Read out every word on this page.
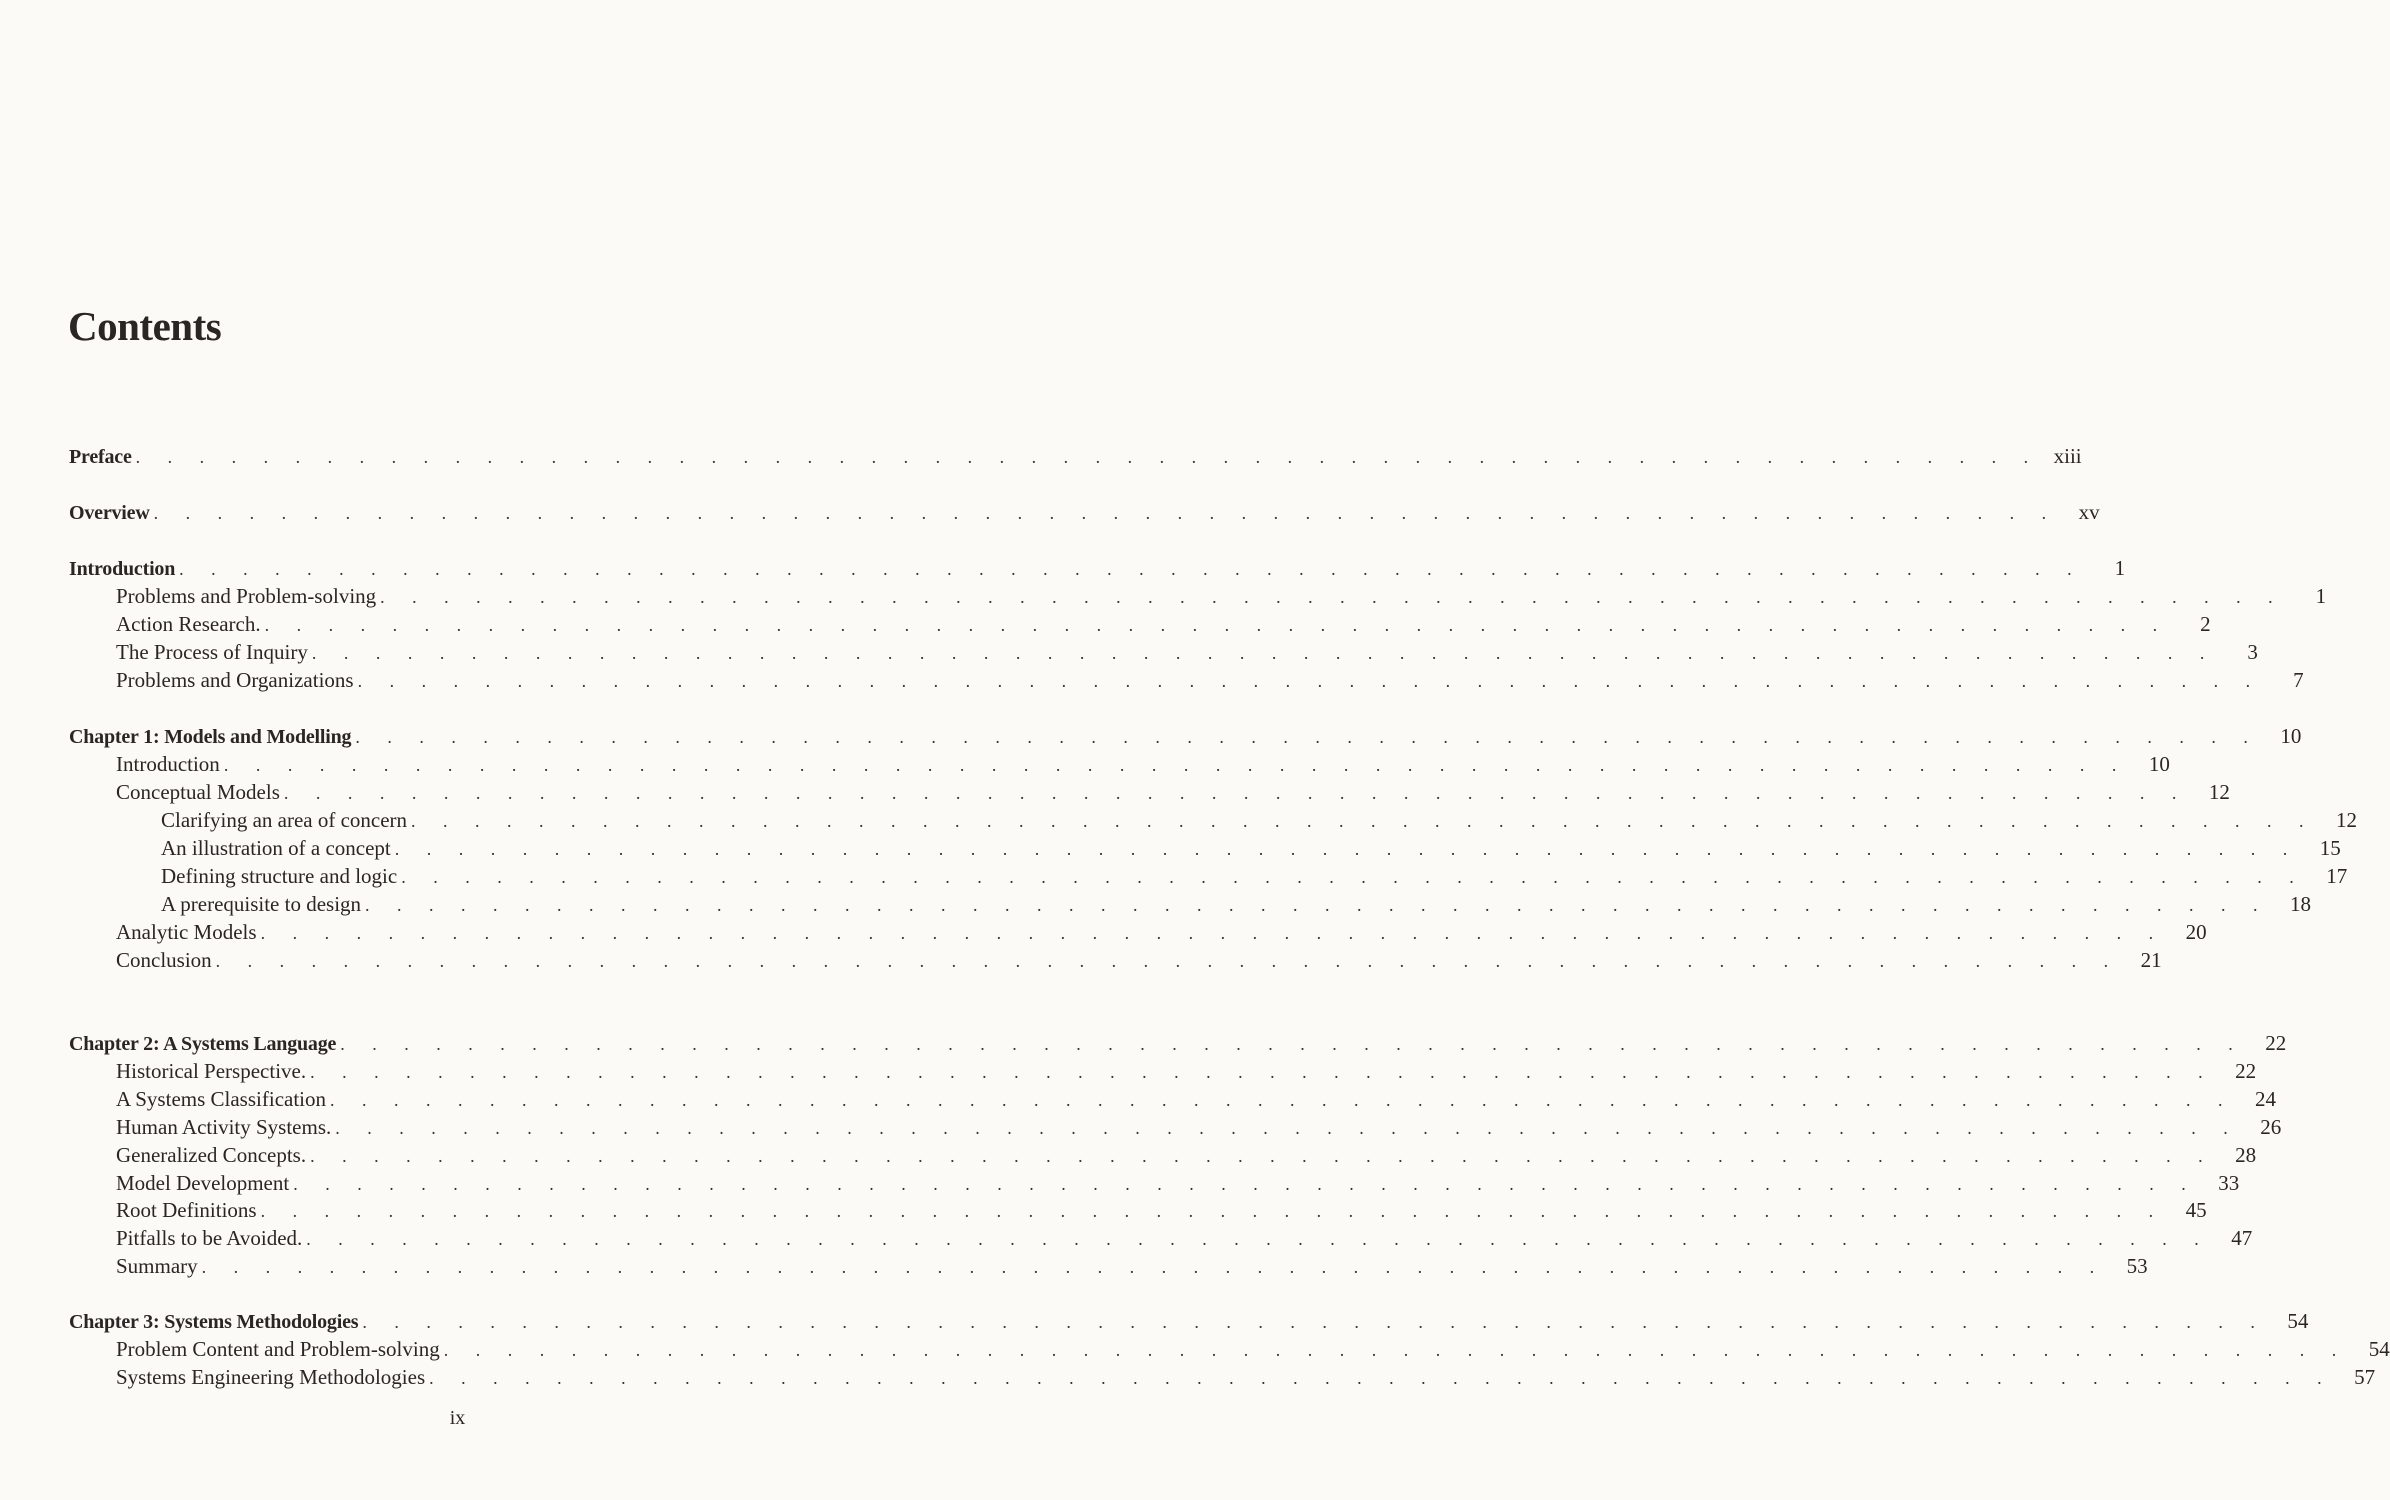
Contents
Preface . . . . . . . . . . . . . . . . . . . . . . . . . . . . . . . . . . . . . . . . . . . . . . . . . . . . . . . . . . . . xiii
Overview . . . . . . . . . . . . . . . . . . . . . . . . . . . . . . . . . . . . . . . . . . . . . . . . . . . . . . . . . . . .	xv
Introduction . . . . . . . . . . . . . . . . . . . . . . . . . . . . . . . . . . . . . . . . . . . . . . . . . . . . . . . . . . . .	1
Problems and Problem-solving . . . . . . . . . . . . . . . . . . . . . . . . . . . . . . . . . . . . . . . . . . . . . . . . . . . . . . . . . . . .	1
Action Research. . . . . . . . . . . . . . . . . . . . . . . . . . . . . . . . . . . . . . . . . . . . . . . . . . . . . . . . . . . . .	2
The Process of Inquiry . . . . . . . . . . . . . . . . . . . . . . . . . . . . . . . . . . . . . . . . . . . . . . . . . . . . . . . . . . . .	3
Problems and Organizations . . . . . . . . . . . . . . . . . . . . . . . . . . . . . . . . . . . . . . . . . . . . . . . . . . . . . . . . . . . .	7
Chapter 1: Models and Modelling . . . . . . . . . . . . . . . . . . . . . . . . . . . . . . . . . . . . . . . . . . . . . . . . . . . . . . . . . . . .	10
Introduction . . . . . . . . . . . . . . . . . . . . . . . . . . . . . . . . . . . . . . . . . . . . . . . . . . . . . . . . . . . .	10
Conceptual Models . . . . . . . . . . . . . . . . . . . . . . . . . . . . . . . . . . . . . . . . . . . . . . . . . . . . . . . . . . . .	12
Clarifying an area of concern . . . . . . . . . . . . . . . . . . . . . . . . . . . . . . . . . . . . . . . . . . . . . . . . . . . . . . . . . . . .	12
An illustration of a concept . . . . . . . . . . . . . . . . . . . . . . . . . . . . . . . . . . . . . . . . . . . . . . . . . . . . . . . . . . . .	15
Defining structure and logic . . . . . . . . . . . . . . . . . . . . . . . . . . . . . . . . . . . . . . . . . . . . . . . . . . . . . . . . . . . .	17
A prerequisite to design . . . . . . . . . . . . . . . . . . . . . . . . . . . . . . . . . . . . . . . . . . . . . . . . . . . . . . . . . . . .	18
Analytic Models . . . . . . . . . . . . . . . . . . . . . . . . . . . . . . . . . . . . . . . . . . . . . . . . . . . . . . . . . . . .	20
Conclusion . . . . . . . . . . . . . . . . . . . . . . . . . . . . . . . . . . . . . . . . . . . . . . . . . . . . . . . . . . . .	21
Chapter 2: A Systems Language . . . . . . . . . . . . . . . . . . . . . . . . . . . . . . . . . . . . . . . . . . . . . . . . . . . . . . . . . . . .	22
Historical Perspective. . . . . . . . . . . . . . . . . . . . . . . . . . . . . . . . . . . . . . . . . . . . . . . . . . . . . . . . . . . . .	22
A Systems Classification . . . . . . . . . . . . . . . . . . . . . . . . . . . . . . . . . . . . . . . . . . . . . . . . . . . . . . . . . . . .	24
Human Activity Systems. . . . . . . . . . . . . . . . . . . . . . . . . . . . . . . . . . . . . . . . . . . . . . . . . . . . . . . . . . . . .	26
Generalized Concepts. . . . . . . . . . . . . . . . . . . . . . . . . . . . . . . . . . . . . . . . . . . . . . . . . . . . . . . . . . . . .	28
Model Development . . . . . . . . . . . . . . . . . . . . . . . . . . . . . . . . . . . . . . . . . . . . . . . . . . . . . . . . . . . .	33
Root Definitions . . . . . . . . . . . . . . . . . . . . . . . . . . . . . . . . . . . . . . . . . . . . . . . . . . . . . . . . . . . .	45
Pitfalls to be Avoided. . . . . . . . . . . . . . . . . . . . . . . . . . . . . . . . . . . . . . . . . . . . . . . . . . . . . . . . . . . . .	47
Summary . . . . . . . . . . . . . . . . . . . . . . . . . . . . . . . . . . . . . . . . . . . . . . . . . . . . . . . . . . . .	53
Chapter 3: Systems Methodologies . . . . . . . . . . . . . . . . . . . . . . . . . . . . . . . . . . . . . . . . . . . . . . . . . . . . . . . . . . . .	54
Problem Content and Problem-solving . . . . . . . . . . . . . . . . . . . . . . . . . . . . . . . . . . . . . . . . . . . . . . . . . . . . . . . . . . . .	54
Systems Engineering Methodologies . . . . . . . . . . . . . . . . . . . . . . . . . . . . . . . . . . . . . . . . . . . . . . . . . . . . . . . . . . . .	57
ix
